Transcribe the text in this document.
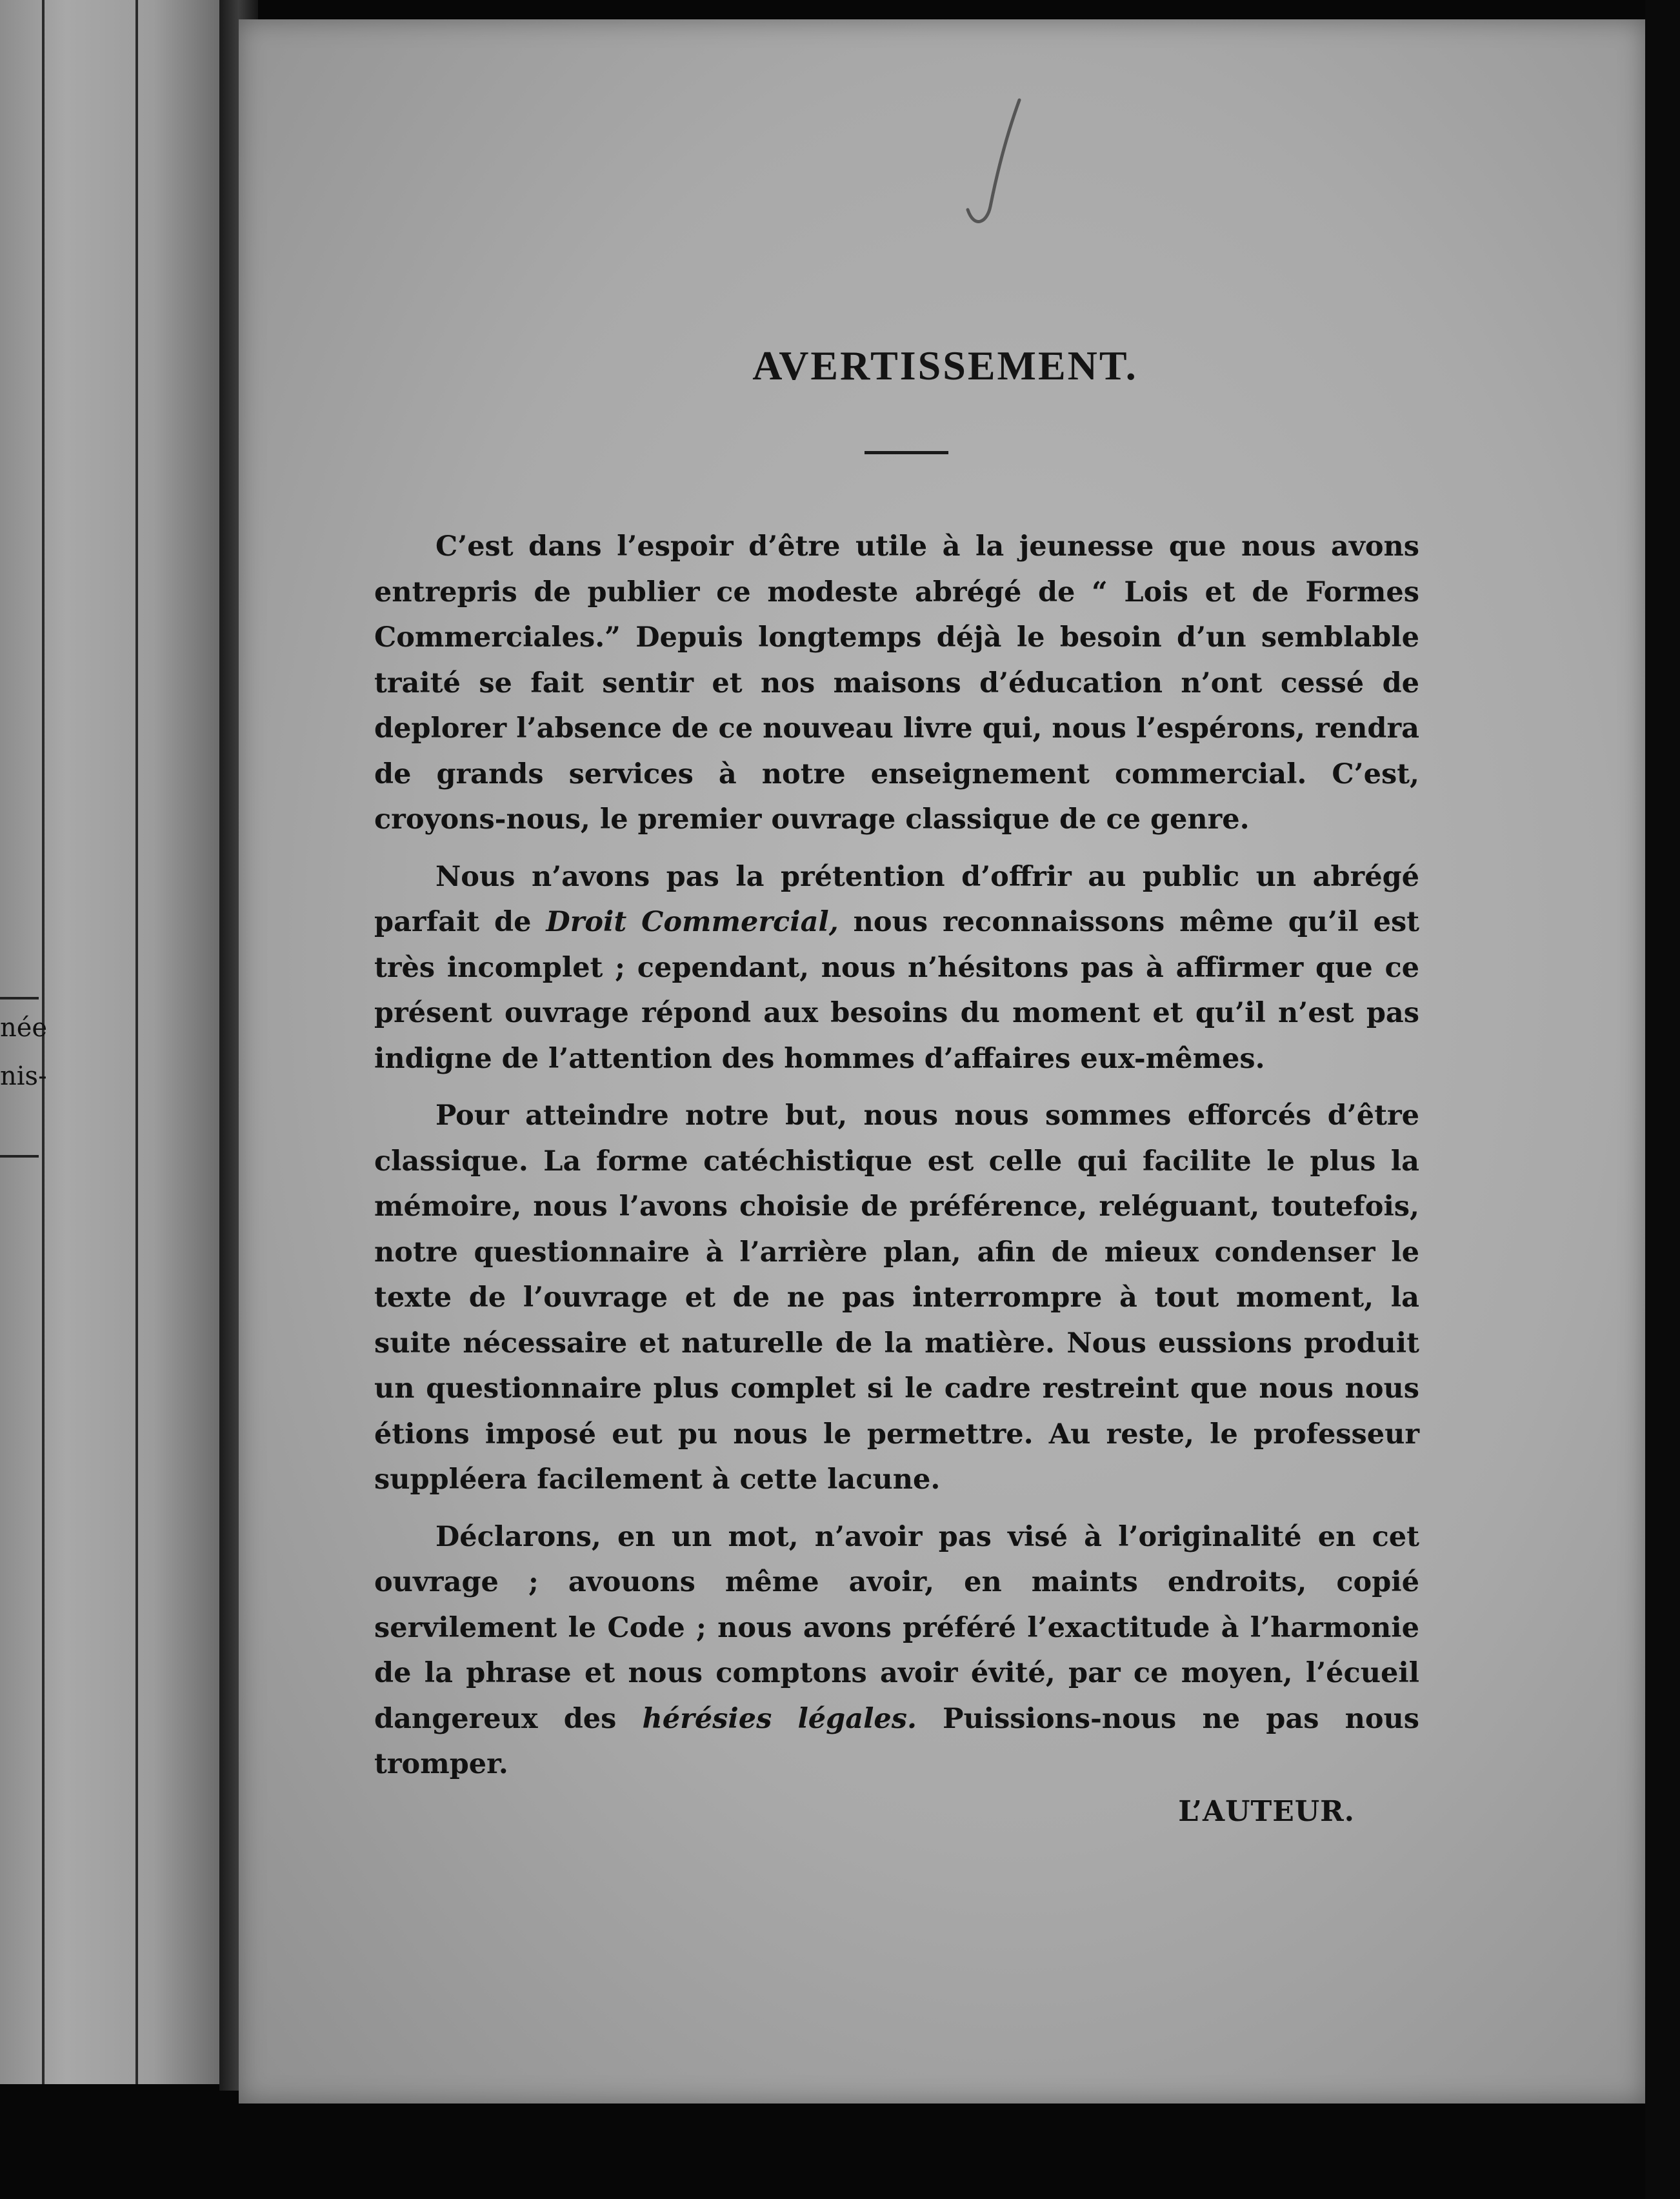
née
nis-
AVERTISSEMENT.

C’est dans l’espoir d’être utile à la jeunesse que nous avons entrepris de publier ce modeste abrégé de “ Lois et de Formes Commerciales.” Depuis longtemps déjà le besoin d’un semblable traité se fait sentir et nos maisons d’éducation n’ont cessé de deplorer l’absence de ce nouveau livre qui, nous l’espérons, rendra de grands services à notre enseignement commercial. C’est, croyons-nous, le premier ouvrage classique de ce genre.

Nous n’avons pas la prétention d’offrir au public un abrégé parfait de Droit Commercial, nous reconnaissons même qu’il est très incomplet ; cependant, nous n’hésitons pas à affirmer que ce présent ouvrage répond aux besoins du moment et qu’il n’est pas indigne de l’attention des hommes d’affaires eux-mêmes.

Pour atteindre notre but, nous nous sommes efforcés d’être classique. La forme catéchistique est celle qui facilite le plus la mémoire, nous l’avons choisie de préférence, reléguant, toutefois, notre questionnaire à l’arrière plan, afin de mieux condenser le texte de l’ouvrage et de ne pas interrompre à tout moment, la suite nécessaire et naturelle de la matière. Nous eussions produit un questionnaire plus complet si le cadre restreint que nous nous étions imposé eut pu nous le permettre. Au reste, le professeur suppléera facilement à cette lacune.

Déclarons, en un mot, n’avoir pas visé à l’originalité en cet ouvrage ; avouons même avoir, en maints endroits, copié servilement le Code ; nous avons préféré l’exactitude à l’harmonie de la phrase et nous comptons avoir évité, par ce moyen, l’écueil dangereux des hérésies légales. Puissions-nous ne pas nous tromper.

L’AUTEUR.
